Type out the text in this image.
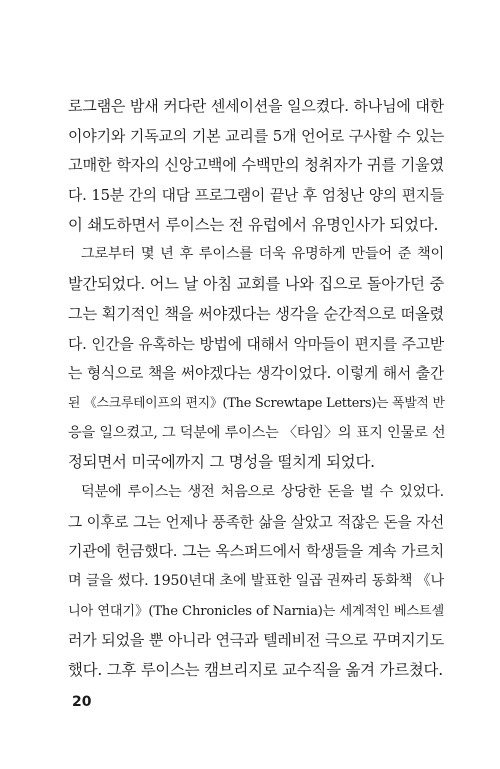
로그램은 밤새 커다란 센세이션을 일으켰다. 하나님에 대한
이야기와 기독교의 기본 교리를 5개 언어로 구사할 수 있는
고매한 학자의 신앙고백에 수백만의 청취자가 귀를 기울였
다. 15분 간의 대담 프로그램이 끝난 후 엄청난 양의 편지들
이 쇄도하면서 루이스는 전 유럽에서 유명인사가 되었다.
그로부터 몇 년 후 루이스를 더욱 유명하게 만들어 준 책이
발간되었다. 어느 날 아침 교회를 나와 집으로 돌아가던 중
그는 획기적인 책을 써야겠다는 생각을 순간적으로 떠올렸
다. 인간을 유혹하는 방법에 대해서 악마들이 편지를 주고받
는 형식으로 책을 써야겠다는 생각이었다. 이렇게 해서 출간
된 《스크루테이프의 편지》(The Screwtape Letters)는 폭발적 반
응을 일으켰고, 그 덕분에 루이스는 〈타임〉의 표지 인물로 선
정되면서 미국에까지 그 명성을 떨치게 되었다.
덕분에 루이스는 생전 처음으로 상당한 돈을 벌 수 있었다.
그 이후로 그는 언제나 풍족한 삶을 살았고 적잖은 돈을 자선
기관에 헌금했다. 그는 옥스퍼드에서 학생들을 계속 가르치
며 글을 썼다. 1950년대 초에 발표한 일곱 권짜리 동화책 《나
니아 연대기》(The Chronicles of Narnia)는 세계적인 베스트셀
러가 되었을 뿐 아니라 연극과 텔레비전 극으로 꾸며지기도
했다. 그후 루이스는 캠브리지로 교수직을 옮겨 가르쳤다.
20
